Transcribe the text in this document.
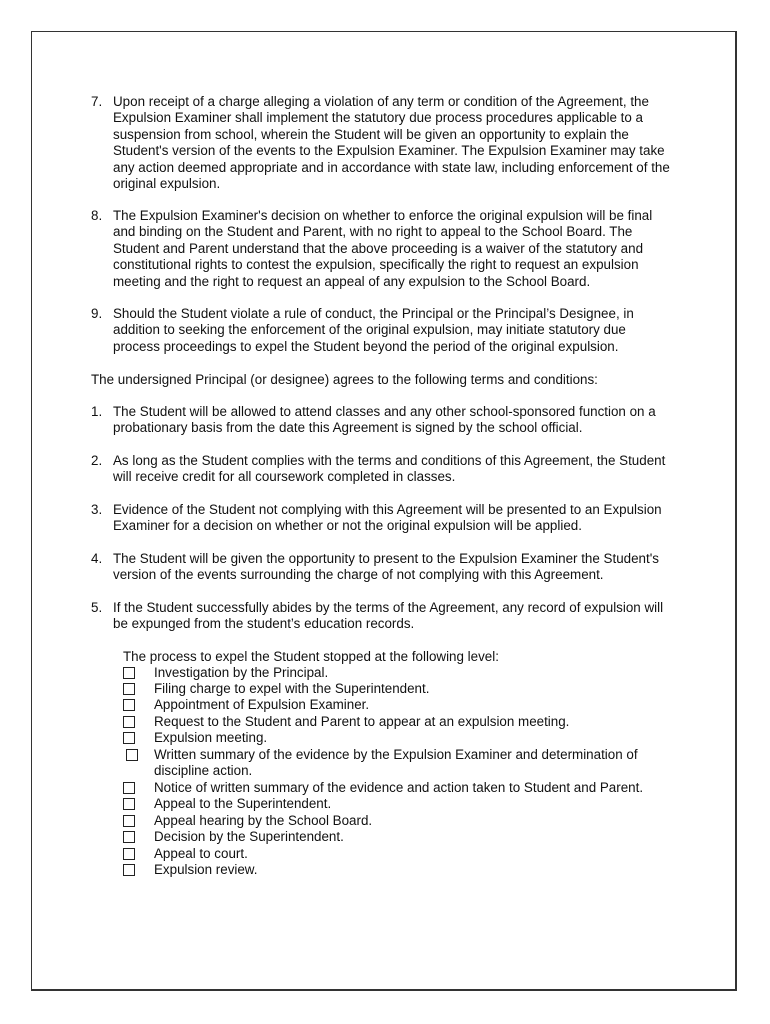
7. Upon receipt of a charge alleging a violation of any term or condition of the Agreement, the Expulsion Examiner shall implement the statutory due process procedures applicable to a suspension from school, wherein the Student will be given an opportunity to explain the Student's version of the events to the Expulsion Examiner. The Expulsion Examiner may take any action deemed appropriate and in accordance with state law, including enforcement of the original expulsion.
8. The Expulsion Examiner's decision on whether to enforce the original expulsion will be final and binding on the Student and Parent, with no right to appeal to the School Board. The Student and Parent understand that the above proceeding is a waiver of the statutory and constitutional rights to contest the expulsion, specifically the right to request an expulsion meeting and the right to request an appeal of any expulsion to the School Board.
9. Should the Student violate a rule of conduct, the Principal or the Principal’s Designee, in addition to seeking the enforcement of the original expulsion, may initiate statutory due process proceedings to expel the Student beyond the period of the original expulsion.
The undersigned Principal (or designee) agrees to the following terms and conditions:
1. The Student will be allowed to attend classes and any other school-sponsored function on a probationary basis from the date this Agreement is signed by the school official.
2. As long as the Student complies with the terms and conditions of this Agreement, the Student will receive credit for all coursework completed in classes.
3. Evidence of the Student not complying with this Agreement will be presented to an Expulsion Examiner for a decision on whether or not the original expulsion will be applied.
4. The Student will be given the opportunity to present to the Expulsion Examiner the Student's version of the events surrounding the charge of not complying with this Agreement.
5. If the Student successfully abides by the terms of the Agreement, any record of expulsion will be expunged from the student’s education records.
The process to expel the Student stopped at the following level:
Investigation by the Principal.
Filing charge to expel with the Superintendent.
Appointment of Expulsion Examiner.
Request to the Student and Parent to appear at an expulsion meeting.
Expulsion meeting.
Written summary of the evidence by the Expulsion Examiner and determination of discipline action.
Notice of written summary of the evidence and action taken to Student and Parent.
Appeal to the Superintendent.
Appeal hearing by the School Board.
Decision by the Superintendent.
Appeal to court.
Expulsion review.
